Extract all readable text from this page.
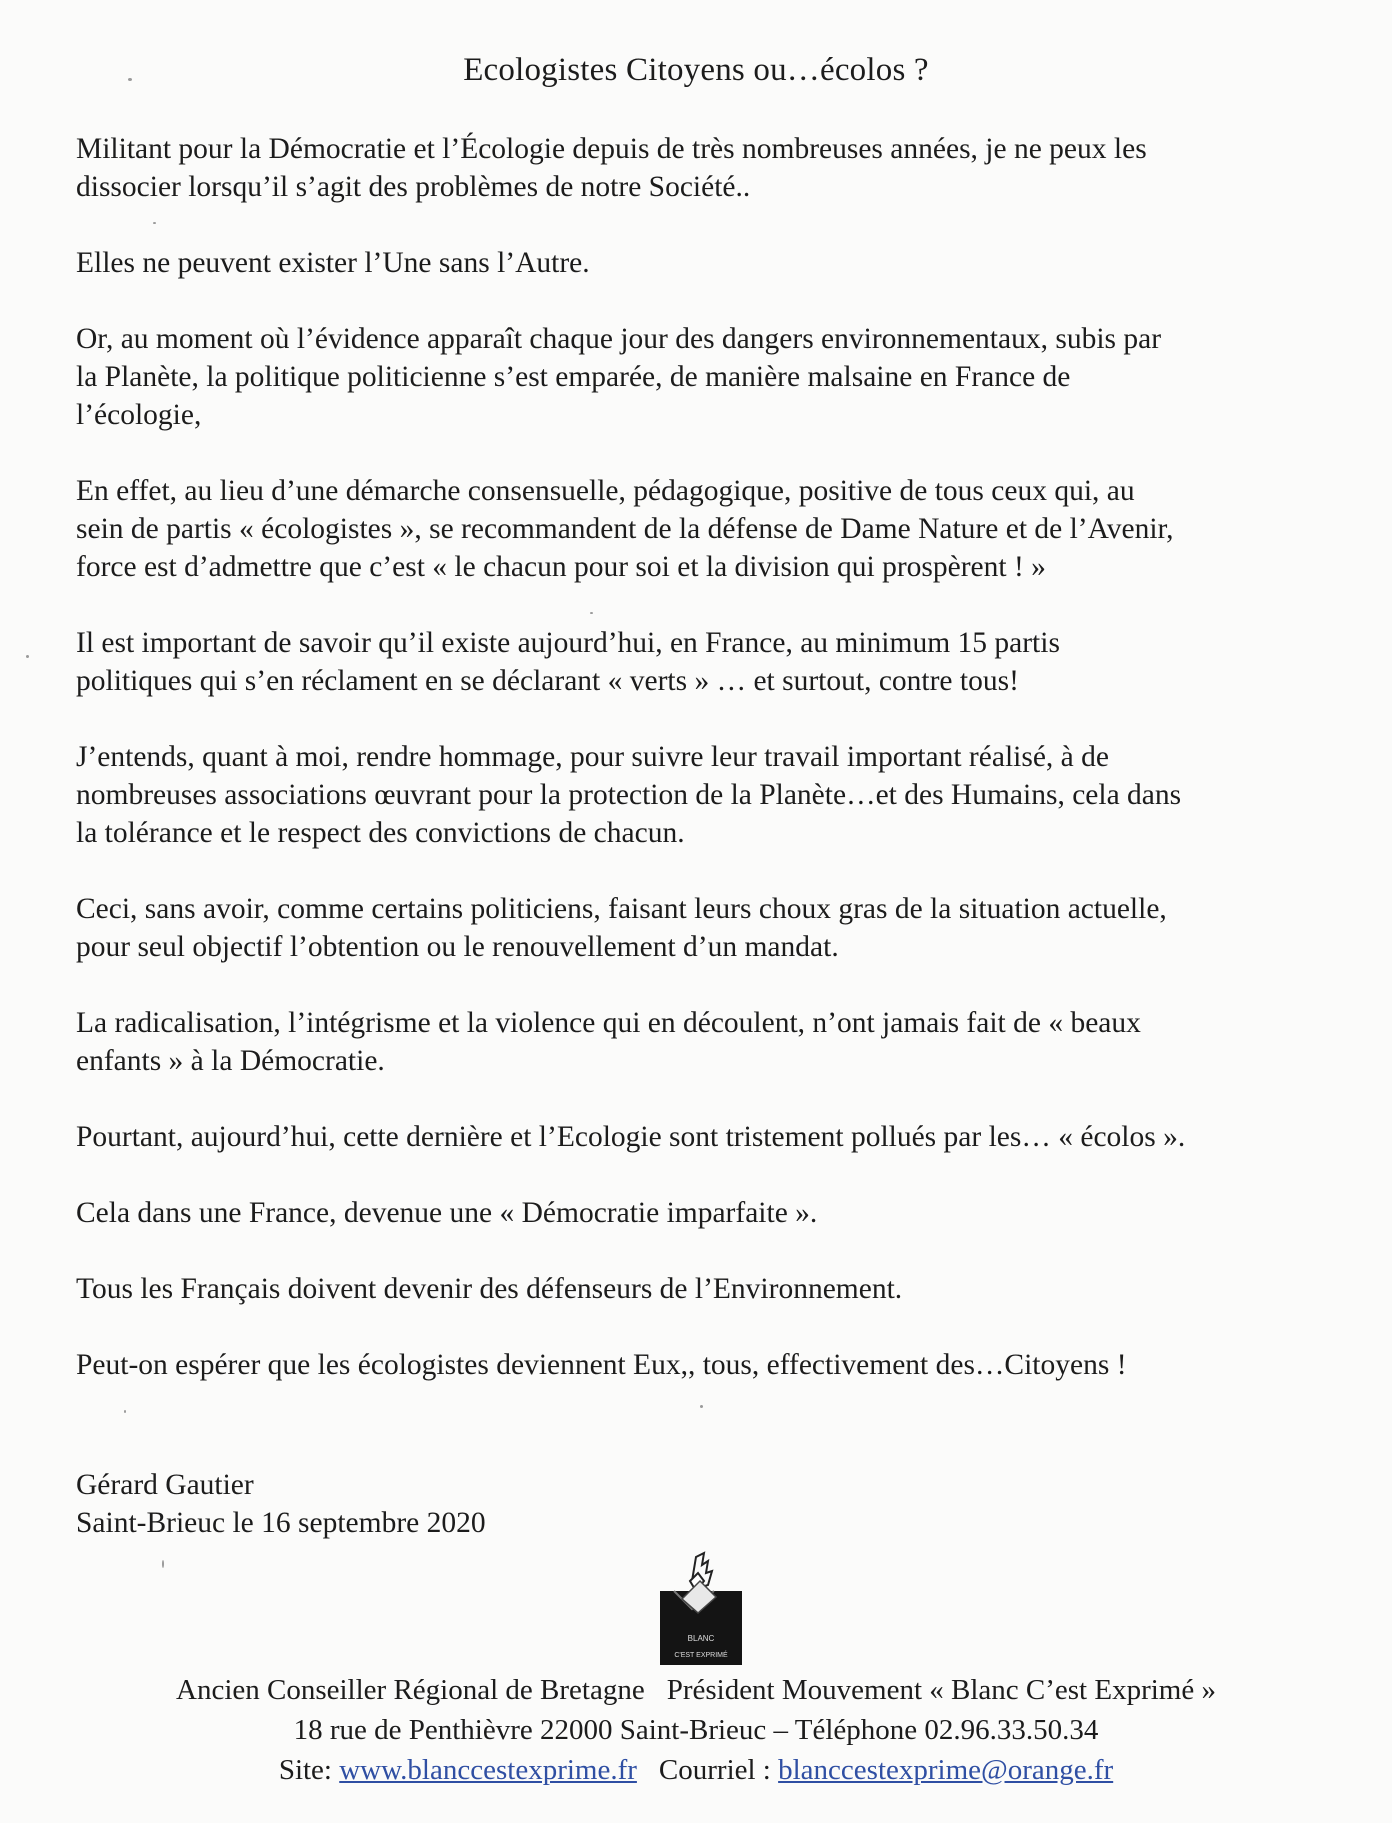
Ecologistes Citoyens ou…écolos ?

Militant pour la Démocratie et l’Écologie depuis de très nombreuses années, je ne peux les
dissocier lorsqu’il s’agit des problèmes de notre Société..

Elles ne peuvent exister l’Une sans l’Autre.

Or, au moment où l’évidence apparaît chaque jour des dangers environnementaux, subis par
la Planète, la politique politicienne s’est emparée, de manière malsaine en France de
l’écologie,

En effet, au lieu d’une démarche consensuelle, pédagogique, positive de tous ceux qui, au
sein de partis « écologistes », se recommandent de la défense de Dame Nature et de l’Avenir,
force est d’admettre que c’est « le chacun pour soi et la division qui prospèrent ! »

Il est important de savoir qu’il existe aujourd’hui, en France, au minimum 15 partis
politiques qui s’en réclament en se déclarant « verts » … et surtout, contre tous!

J’entends, quant à moi, rendre hommage, pour suivre leur travail important réalisé, à de
nombreuses associations œuvrant pour la protection de la Planète…et des Humains, cela dans
la tolérance et le respect des convictions de chacun.

Ceci, sans avoir, comme certains politiciens, faisant leurs choux gras de la situation actuelle,
pour seul objectif l’obtention ou le renouvellement d’un mandat.

La radicalisation, l’intégrisme et la violence qui en découlent, n’ont jamais fait de « beaux
enfants » à la Démocratie.

Pourtant, aujourd’hui, cette dernière et l’Ecologie sont tristement pollués par les… « écolos ».

Cela dans une France, devenue une « Démocratie imparfaite ».

Tous les Français doivent devenir des défenseurs de l’Environnement.

Peut-on espérer que les écologistes deviennent Eux,, tous, effectivement des…Citoyens !

Gérard Gautier
Saint-Brieuc le 16 septembre 2020
BLANC
C'EST EXPRIMÉ
Ancien Conseiller Régional de Bretagne Président Mouvement « Blanc C’est Exprimé »
18 rue de Penthièvre 22000 Saint-Brieuc – Téléphone 02.96.33.50.34
Site: www.blanccestexprime.fr Courriel : blanccestexprime@orange.fr
